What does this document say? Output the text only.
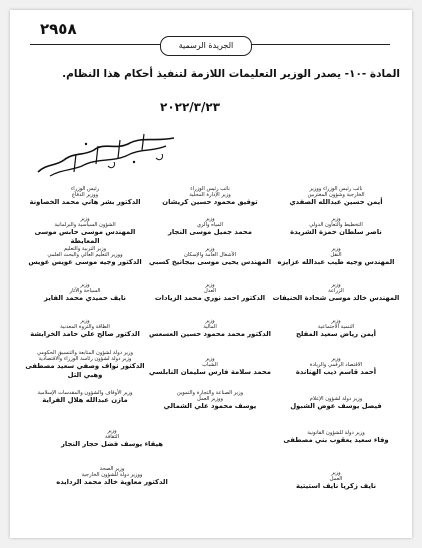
٢٩٥٨
الجريدة الرسمية
المادة -١٠- يصدر الوزير التعليمات اللازمة لتنفيذ أحكام هذا النظام.
٢٠٢٢/٣/٢٣
نائب رئيس الوزراء ووزير
الخارجية وشؤون المغتربين
أيمن حسين عبدالله الصفدي
نائب رئيس الوزراء
وزير الإدارة المحلية
توفيق محمود حسين كريشان
رئيس الوزراء
ووزير الدفاع
الدكتور بشر هاني محمد الخصاونة
وزير
التخطيط والتعاون الدولي
ناصر سلطان حمزة الشريدة
وزير
المياه والري
محمد جميل موسى النجار
وزير
الشؤون السياسية والبرلمانية
المهندس موسى حابس موسى المعايطة
وزير
النقل
المهندس وجيه طيب عبدالله عزايزه
وزير
الأشغال العامة والإسكان
المهندس يحيى موسى بيجانيخ كسبي
وزير التربية والتعليم
ووزير التعليم العالي والبحث العلمي
الدكتور وجيه موسى عويس عويس
وزير
الزراعة
المهندس خالد موسى شحادة الحنيفات
وزير
العدل
الدكتور احمد نوري محمد الزيادات
وزير
السياحة والآثار
نايف حميدي محمد الفايز
وزير
التنمية الاجتماعية
أيمن رياض سعيد المفلح
وزير
المالية
الدكتور محمد محمود حسين العسعس
وزير
الطاقة والثروة المعدنية
الدكتور صالح علي حامد الخرابشة
وزير
الاقتصاد الرقمي والريادة
أحمد قاسم ذيب الهناندة
وزير
الشباب
محمد سلامة فارس سليمان النابلسي
وزير دولة لشؤون المتابعة والتنسيق الحكومي
وزير دولة لشؤون رئاسة الوزراء والاقتصادية
الدكتور نواف وصفي سعيد مصطفى وهبي التل
وزير دولة لشؤون الإعلام
فيصل يوسف عوض الشبول
وزير الصناعة والتجارة والتموين
ووزير العمل
يوسف محمود علي الشمالي
وزير الأوقاف والشؤون والمقدسات الإسلامية
مازن عبدالله هلال الفراية
وزير دولة للشؤون القانونية
وفاء سعيد يعقوب بني مصطفى
وزير
الثقافة
هيفاء يوسف فضل حجار النجار
وزير
العمل
نايف زكريا نايف استيتية
وزير الصحة
ووزير دولة للشؤون الخارجية
الدكتور معاوية خالد محمد الردايده
